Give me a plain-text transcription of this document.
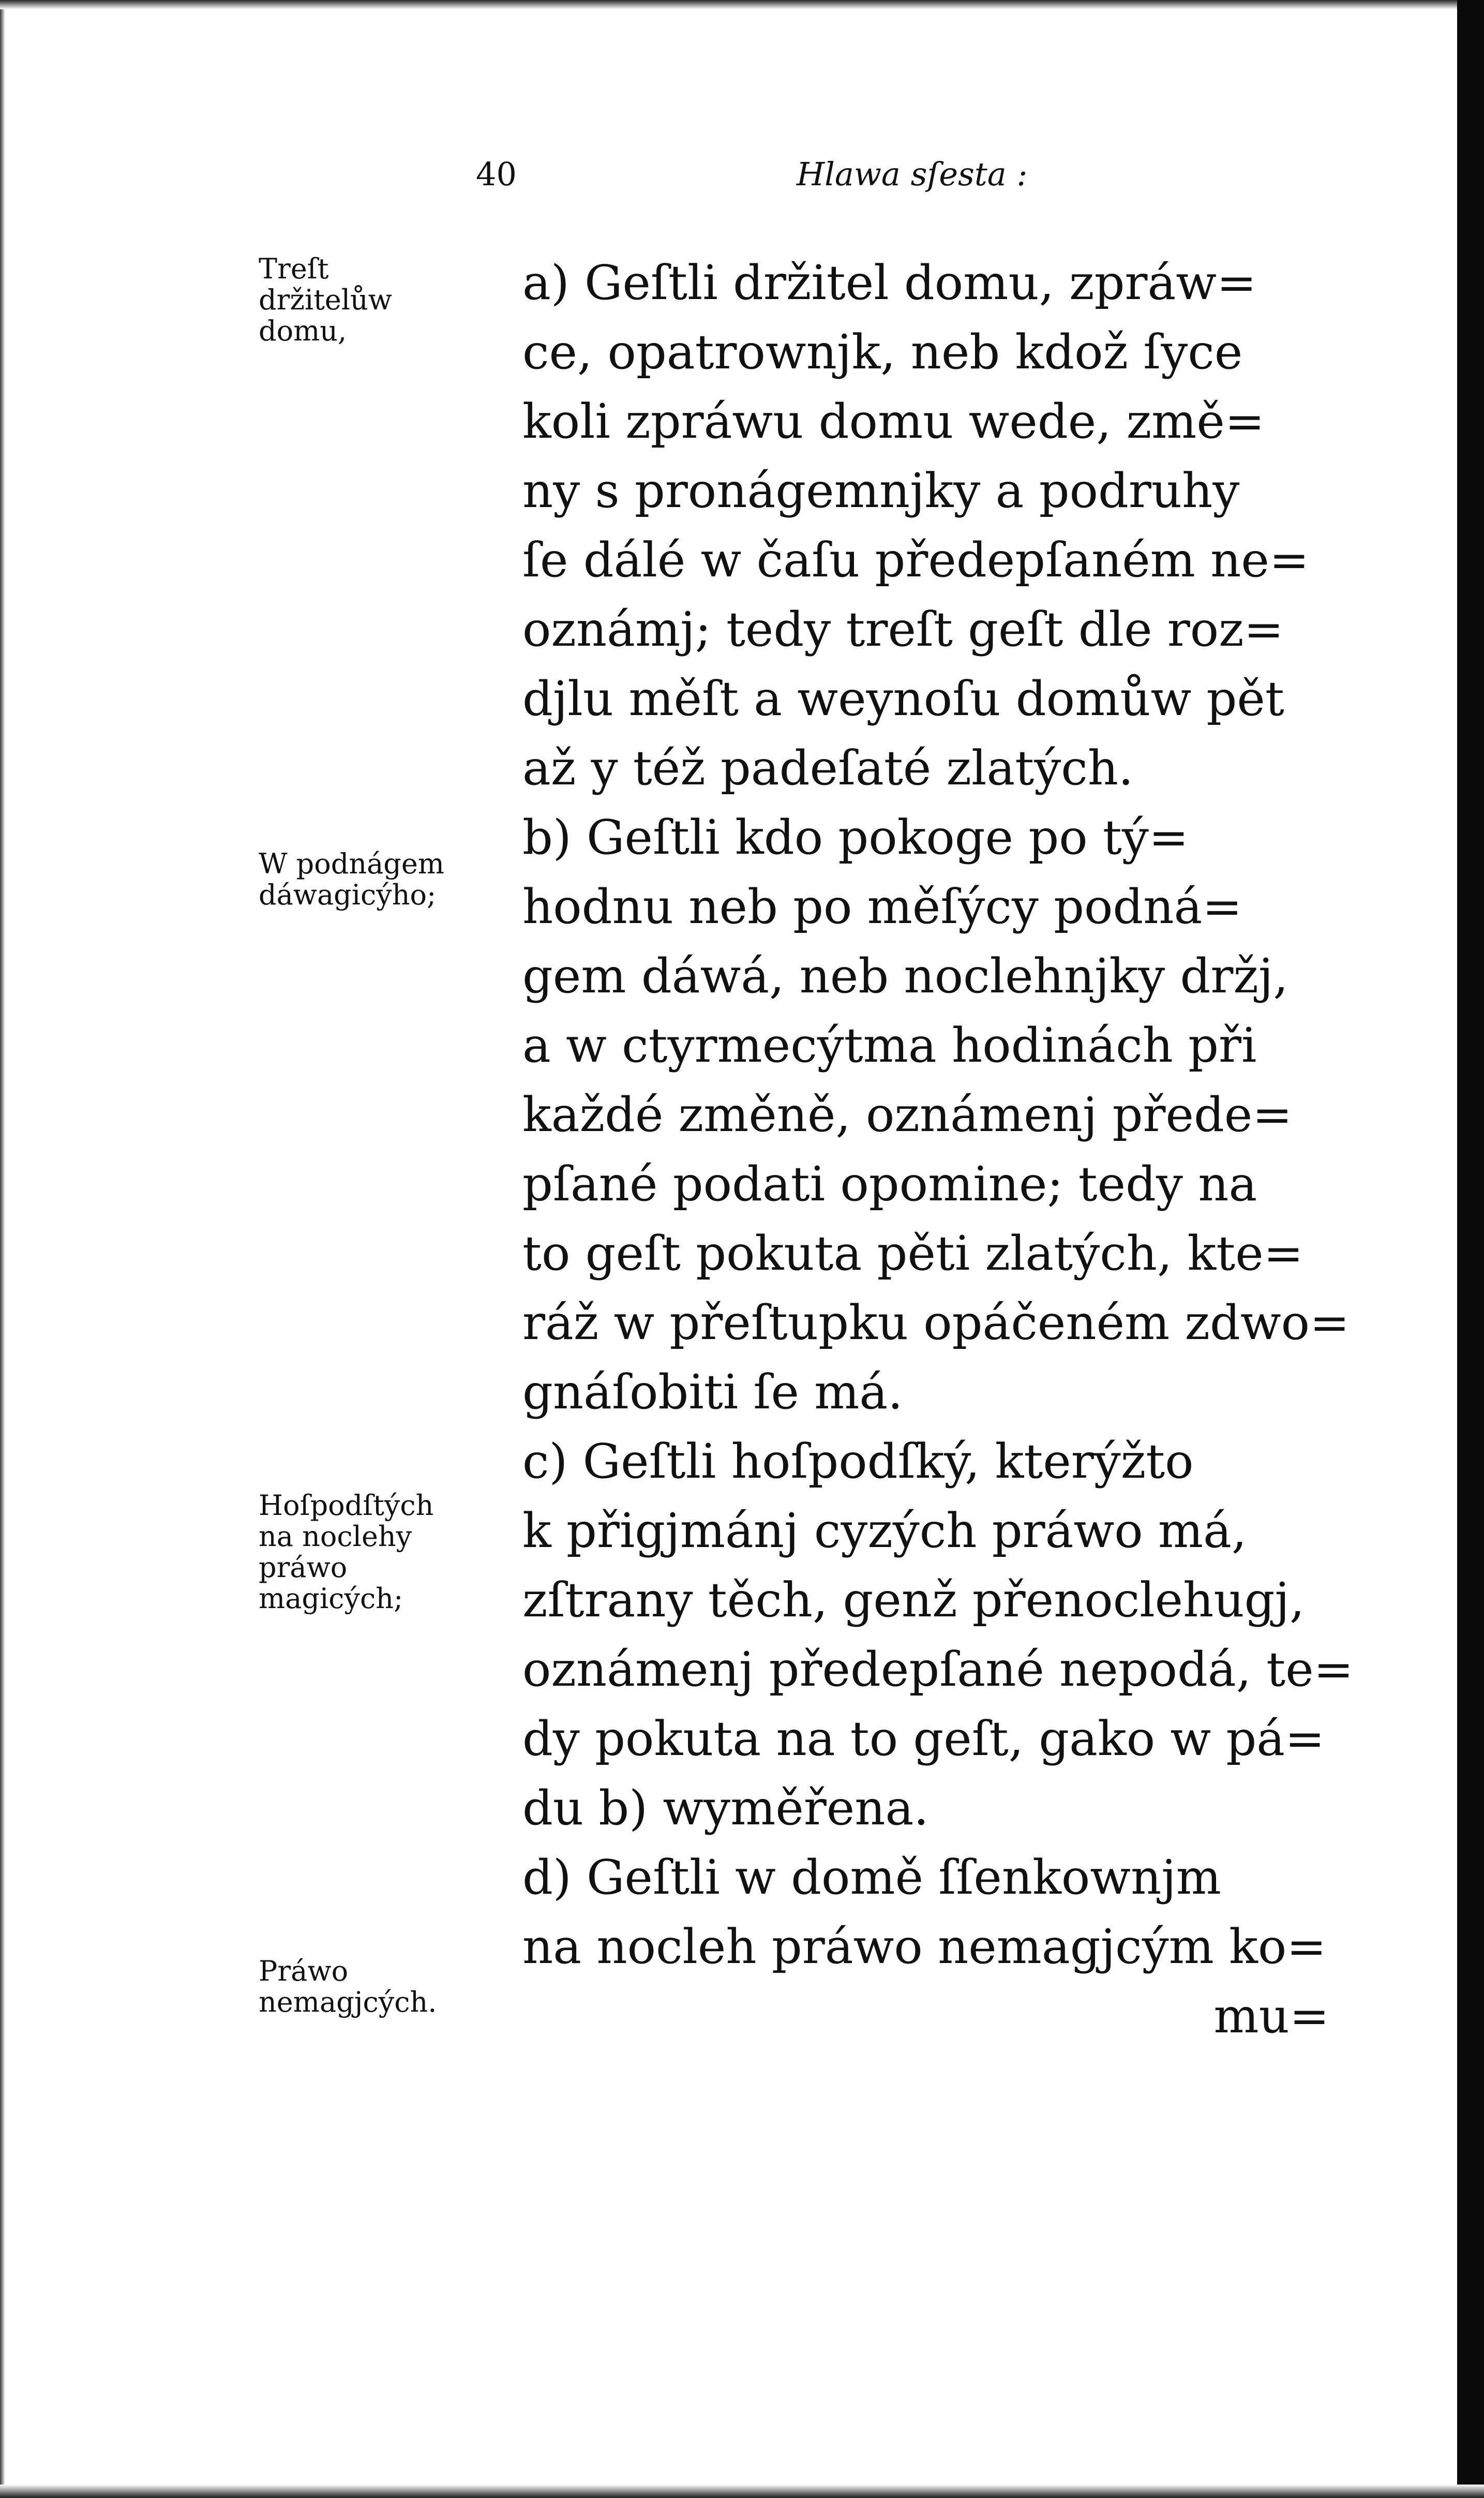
40	Hlawa sſesta :
Treſt držitelůw domu,
W podnágem dáwagicýho;
Hoſpodſtých na noclehy práwo magicých;
Práwo nemagjcých.
a) Geſtli držitel domu, zpráw=
ce, opatrownjk, neb kdož ſyce
koli zpráwu domu wede, změ=
ny s pronágemnjky a podruhy
ſe dálé w čaſu předepſaném ne=
oznámj; tedy treſt geſt dle roz=
djlu měſt a weynoſu domůw pět
až y též padeſaté zlatých.
b) Geſtli kdo pokoge po tý=
hodnu neb po měſýcy podná=
gem dáwá, neb noclehnjky držj,
a w ctyrmecýtma hodinách při
každé změně, oznámenj přede=
pſané podati opomine; tedy na
to geſt pokuta pěti zlatých, kte=
ráž w přeſtupku opáčeném zdwo=
gnáſobiti ſe má.
c) Geſtli hoſpodſký, kterýžto
k přigjmánj cyzých práwo má,
zſtrany těch, genž přenoclehugj,
oznámenj předepſané nepodá, te=
dy pokuta na to geſt, gako w pá=
du b) wyměřena.
d) Geſtli w domě ſſenkownjm
na nocleh práwo nemagjcým ko=
mu=
